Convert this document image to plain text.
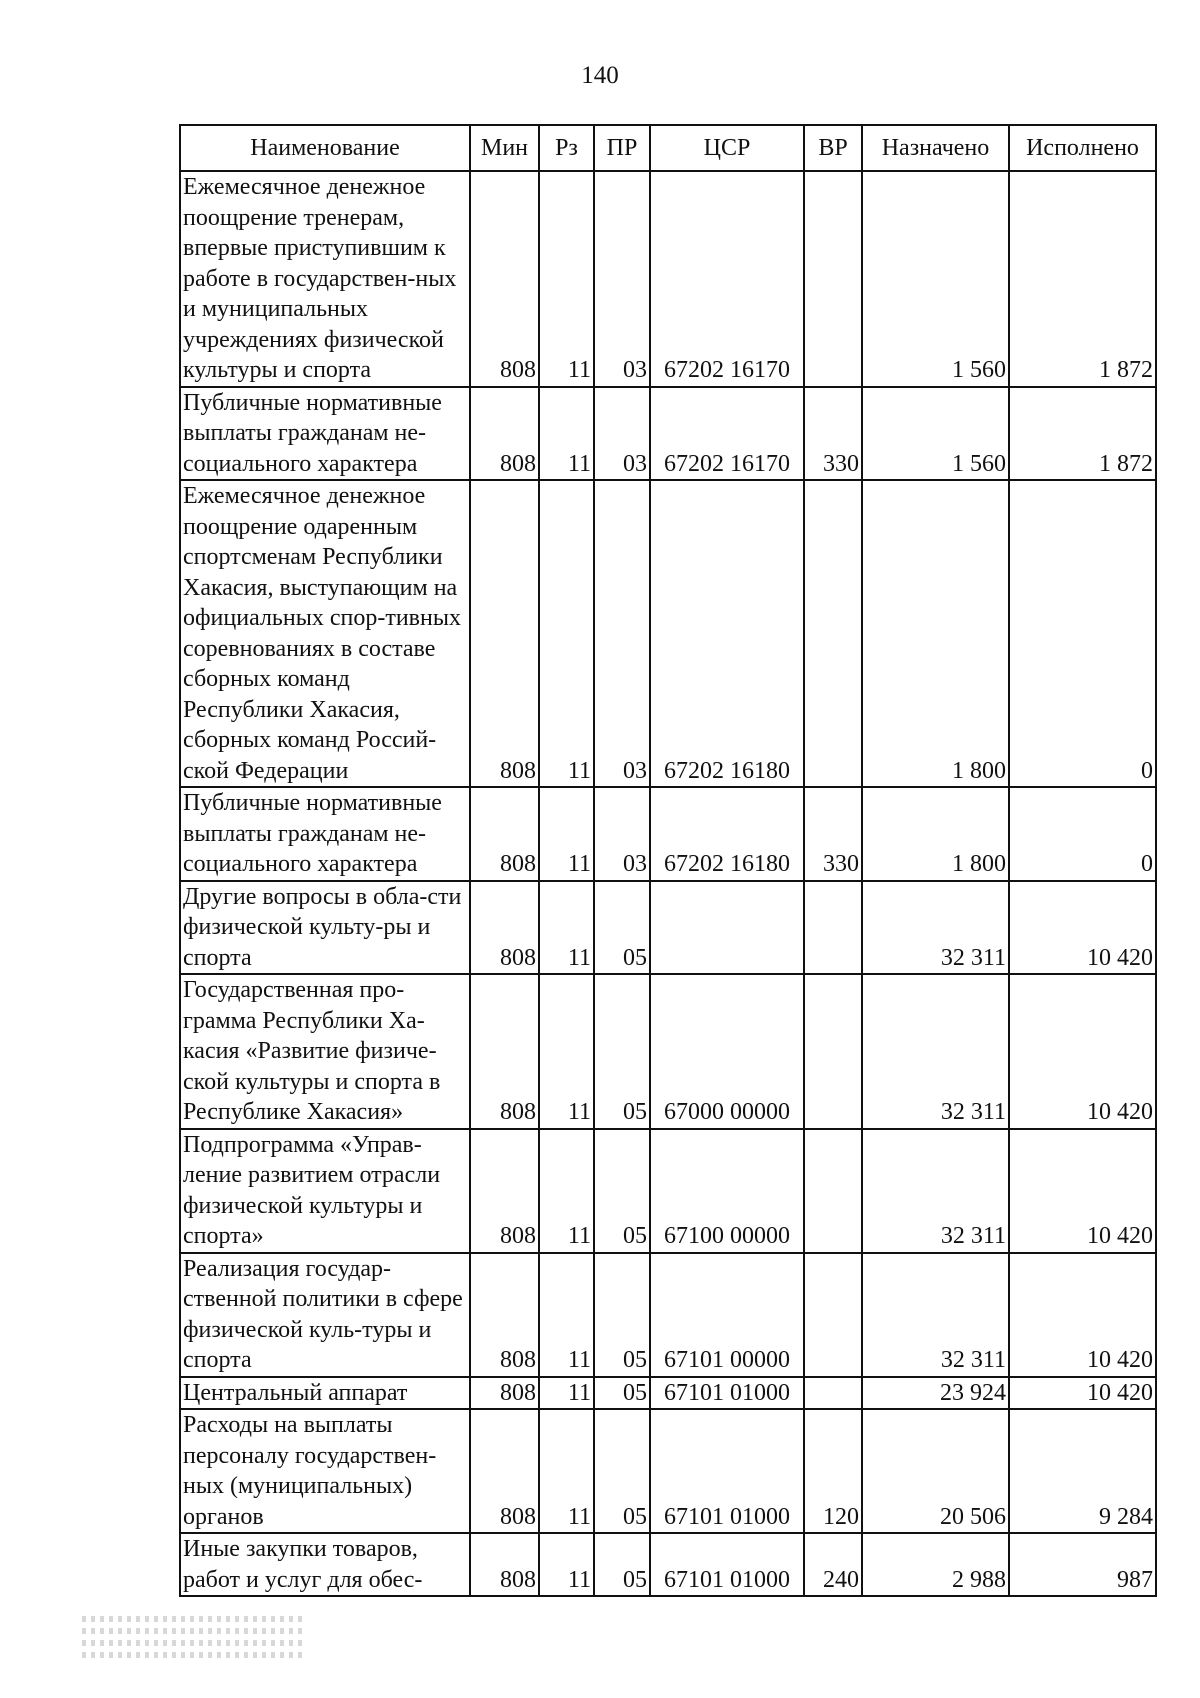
140
Наименование	Мин	Рз	ПР	ЦСР	ВР	Назначено	Исполнено
Ежемесячное денежное поощрение тренерам, впервые приступившим к работе в государствен-ных и муниципальных учреждениях физической культуры и спорта	808	11	03	67202 16170		1 560	1 872
Публичные нормативные выплаты гражданам не-социального характера	808	11	03	67202 16170	330	1 560	1 872
Ежемесячное денежное поощрение одаренным спортсменам Республики Хакасия, выступающим на официальных спор-тивных соревнованиях в составе сборных команд Республики Хакасия, сборных команд Россий-ской Федерации	808	11	03	67202 16180		1 800	0
Публичные нормативные выплаты гражданам не-социального характера	808	11	03	67202 16180	330	1 800	0
Другие вопросы в обла-сти физической культу-ры и спорта	808	11	05			32 311	10 420
Государственная про-грамма Республики Ха-касия «Развитие физиче-ской культуры и спорта в Республике Хакасия»	808	11	05	67000 00000		32 311	10 420
Подпрограмма «Управ-ление развитием отрасли физической культуры и спорта»	808	11	05	67100 00000		32 311	10 420
Реализация государ-ственной политики в сфере физической куль-туры и спорта	808	11	05	67101 00000		32 311	10 420
Центральный аппарат	808	11	05	67101 01000		23 924	10 420
Расходы на выплаты персоналу государствен-ных (муниципальных) органов	808	11	05	67101 01000	120	20 506	9 284
Иные закупки товаров, работ и услуг для обес-	808	11	05	67101 01000	240	2 988	987
